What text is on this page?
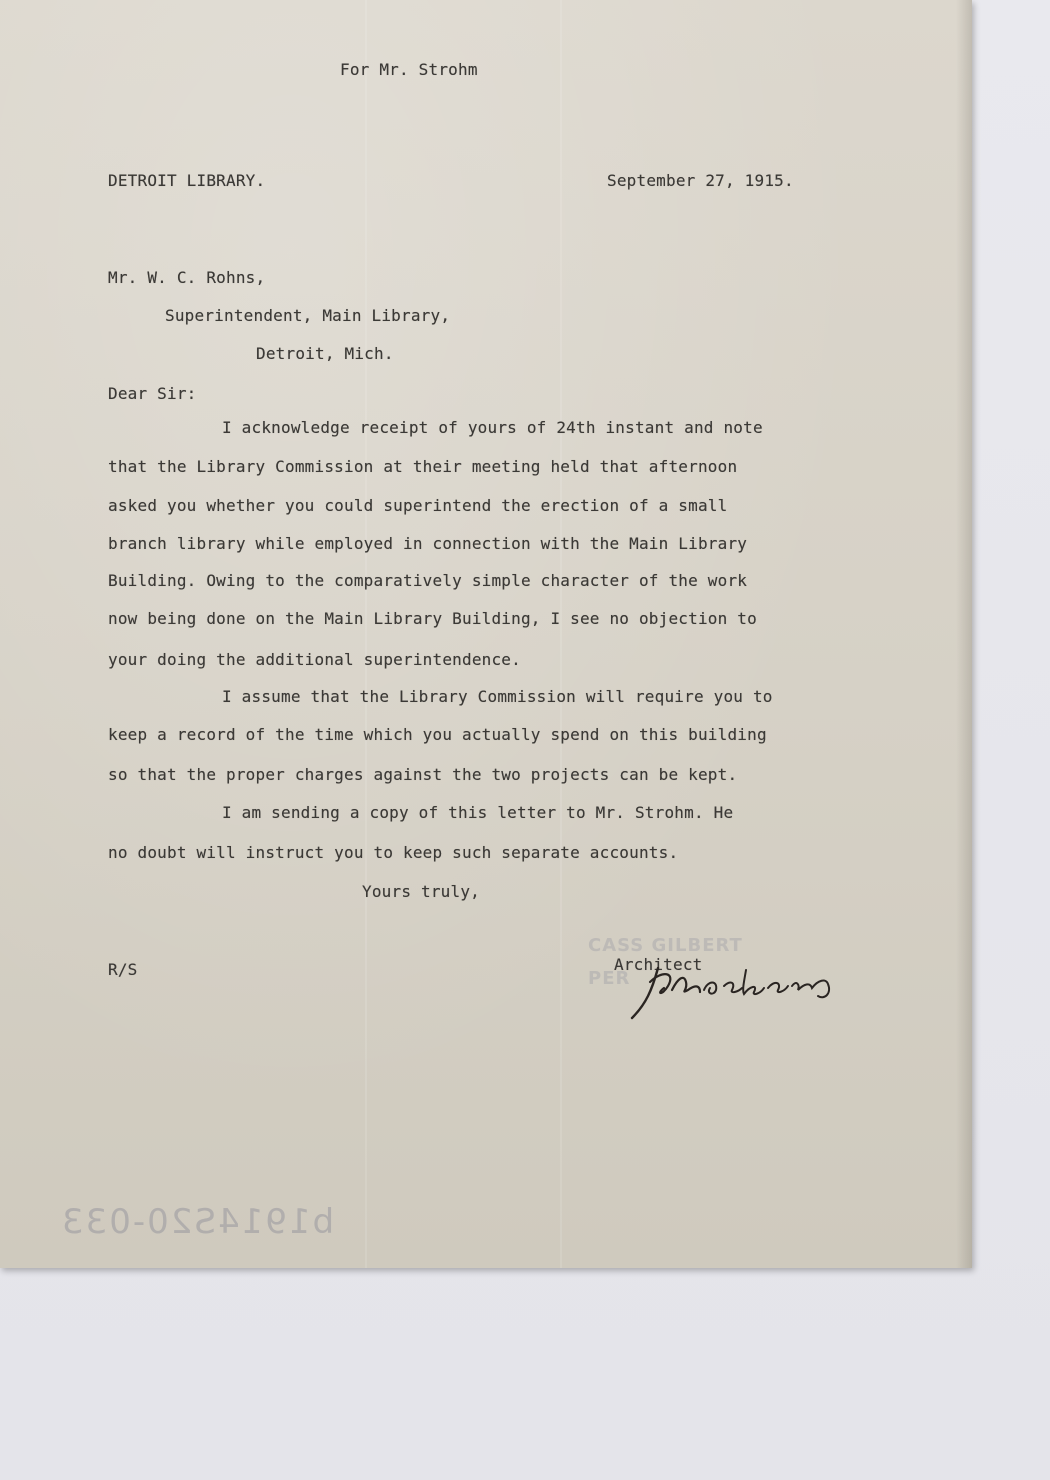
For Mr. Strohm

DETROIT LIBRARY.	September 27, 1915.

Mr. W. C. Rohns,

Superintendent, Main Library,

Detroit, Mich.

Dear Sir:

I acknowledge receipt of yours of 24th instant and note

that the Library Commission at their meeting held that afternoon

asked you whether you could superintend the erection of a small

branch library while employed in connection with the Main Library

Building. Owing to the comparatively simple character of the work

now being done on the Main Library Building, I see no objection to

your doing the additional superintendence.

I assume that the Library Commission will require you to

keep a record of the time which you actually spend on this building

so that the proper charges against the two projects can be kept.

I am sending a copy of this letter to Mr. Strohm. He

no doubt will instruct you to keep such separate accounts.

Yours truly,

R/S

CASS GILBERT
PER

Architect

b1914S20-033
